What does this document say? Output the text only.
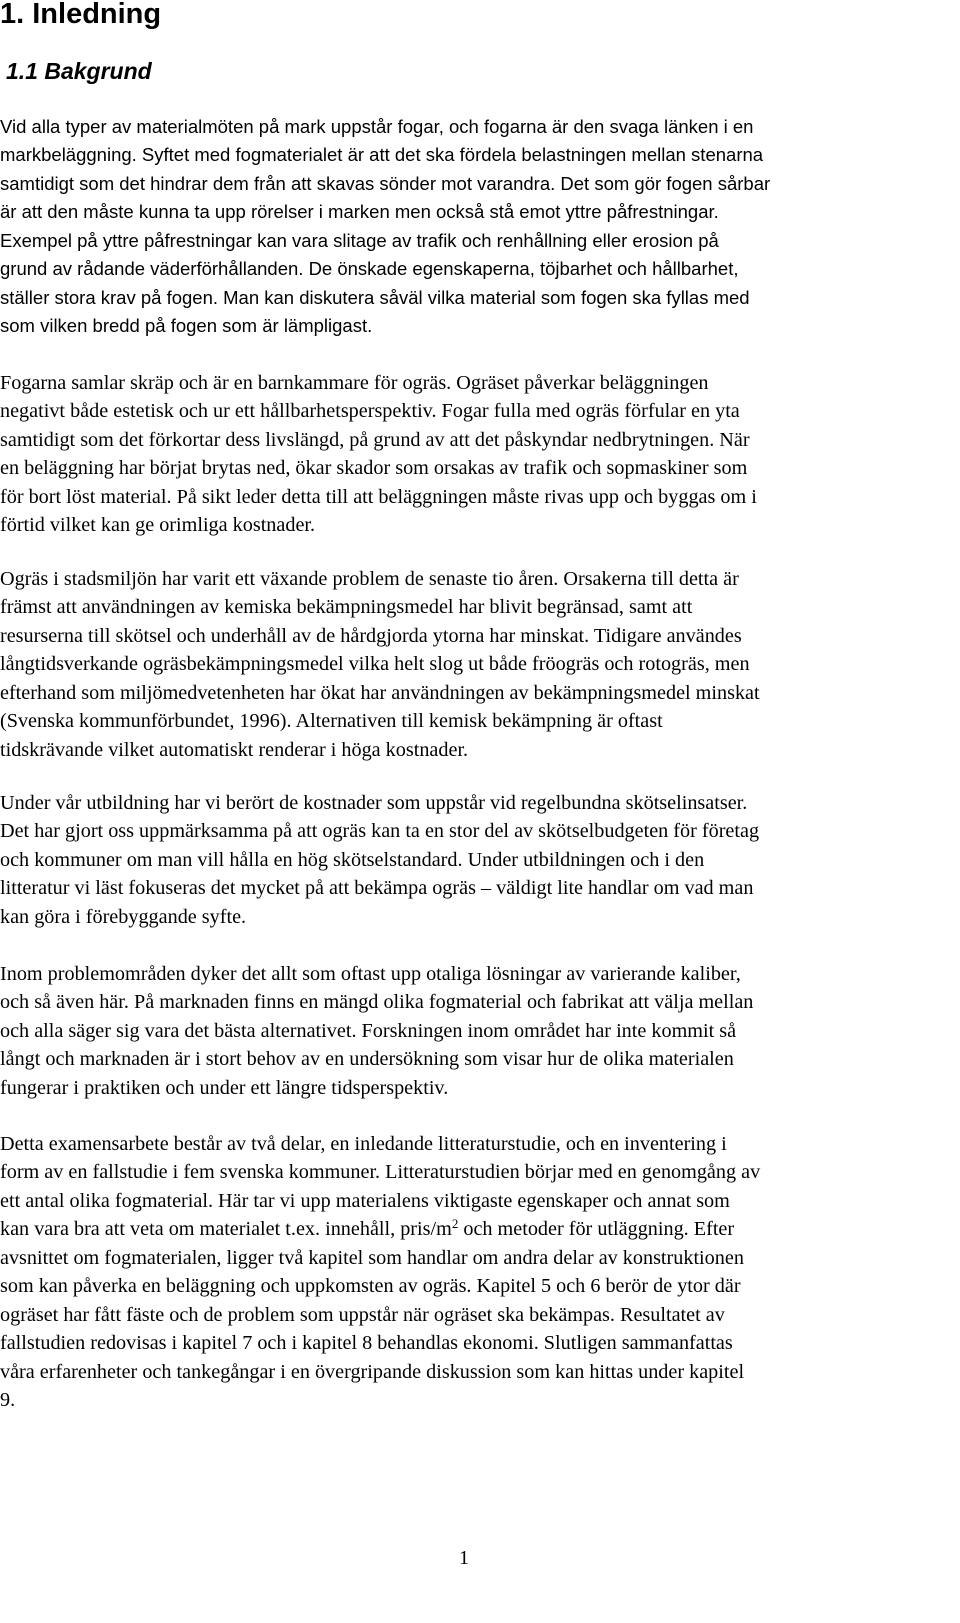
1. Inledning
1.1 Bakgrund
Vid alla typer av materialmöten på mark uppstår fogar, och fogarna är den svaga länken i en
markbeläggning. Syftet med fogmaterialet är att det ska fördela belastningen mellan stenarna
samtidigt som det hindrar dem från att skavas sönder mot varandra. Det som gör fogen sårbar
är att den måste kunna ta upp rörelser i marken men också stå emot yttre påfrestningar.
Exempel på yttre påfrestningar kan vara slitage av trafik och renhållning eller erosion på
grund av rådande väderförhållanden. De önskade egenskaperna, töjbarhet och hållbarhet,
ställer stora krav på fogen. Man kan diskutera såväl vilka material som fogen ska fyllas med
som vilken bredd på fogen som är lämpligast.
Fogarna samlar skräp och är en barnkammare för ogräs. Ogräset påverkar beläggningen
negativt både estetisk och ur ett hållbarhetsperspektiv. Fogar fulla med ogräs förfular en yta
samtidigt som det förkortar dess livslängd, på grund av att det påskyndar nedbrytningen. När
en beläggning har börjat brytas ned, ökar skador som orsakas av trafik och sopmaskiner som
för bort löst material. På sikt leder detta till att beläggningen måste rivas upp och byggas om i
förtid vilket kan ge orimliga kostnader.
Ogräs i stadsmiljön har varit ett växande problem de senaste tio åren. Orsakerna till detta är
främst att användningen av kemiska bekämpningsmedel har blivit begränsad, samt att
resurserna till skötsel och underhåll av de hårdgjorda ytorna har minskat. Tidigare användes
långtidsverkande ogräsbekämpningsmedel vilka helt slog ut både fröogräs och rotogräs, men
efterhand som miljömedvetenheten har ökat har användningen av bekämpningsmedel minskat
(Svenska kommunförbundet, 1996). Alternativen till kemisk bekämpning är oftast
tidskrävande vilket automatiskt renderar i höga kostnader.
Under vår utbildning har vi berört de kostnader som uppstår vid regelbundna skötselinsatser.
Det har gjort oss uppmärksamma på att ogräs kan ta en stor del av skötselbudgeten för företag
och kommuner om man vill hålla en hög skötselstandard. Under utbildningen och i den
litteratur vi läst fokuseras det mycket på att bekämpa ogräs – väldigt lite handlar om vad man
kan göra i förebyggande syfte.
Inom problemområden dyker det allt som oftast upp otaliga lösningar av varierande kaliber,
och så även här. På marknaden finns en mängd olika fogmaterial och fabrikat att välja mellan
och alla säger sig vara det bästa alternativet. Forskningen inom området har inte kommit så
långt och marknaden är i stort behov av en undersökning som visar hur de olika materialen
fungerar i praktiken och under ett längre tidsperspektiv.
Detta examensarbete består av två delar, en inledande litteraturstudie, och en inventering i
form av en fallstudie i fem svenska kommuner. Litteraturstudien börjar med en genomgång av
ett antal olika fogmaterial. Här tar vi upp materialens viktigaste egenskaper och annat som
kan vara bra att veta om materialet t.ex. innehåll, pris/$m^2$ och metoder för utläggning. Efter
avsnittet om fogmaterialen, ligger två kapitel som handlar om andra delar av konstruktionen
som kan påverka en beläggning och uppkomsten av ogräs. Kapitel 5 och 6 berör de ytor där
ogräset har fått fäste och de problem som uppstår när ogräset ska bekämpas. Resultatet av
fallstudien redovisas i kapitel 7 och i kapitel 8 behandlas ekonomi. Slutligen sammanfattas
våra erfarenheter och tankegångar i en övergripande diskussion som kan hittas under kapitel
9.
1
